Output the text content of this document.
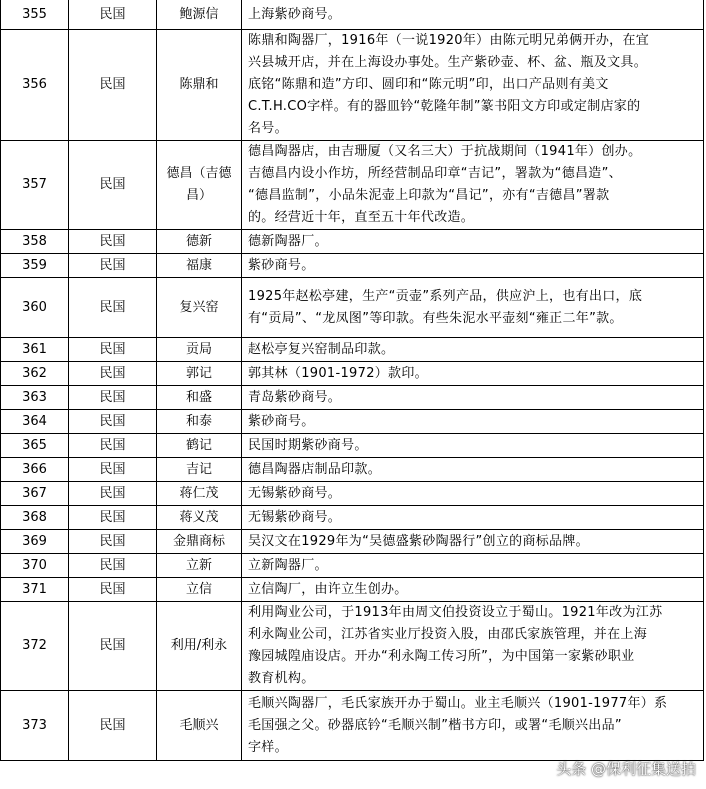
355	民国	鲍源信	上海紫砂商号。

356	民国	陈鼎和	陈鼎和陶器厂，1916年（一说1920年）由陈元明兄弟俩开办，在宜
兴县城开店，并在上海设办事处。生产紫砂壶、杯、盆、瓶及文具。
底铭“陈鼎和造”方印、圆印和“陈元明”印，出口产品则有美文
C.T.H.CO字样。有的器皿钤“乾隆年制”篆书阳文方印或定制店家的
名号。

357	民国	德昌（吉德昌）	德昌陶器店，由吉珊厦（又名三大）于抗战期间（1941年）创办。
吉德昌内设小作坊，所经营制品印章“吉记”，署款为“德昌造”、
“德昌监制”，小品朱泥壶上印款为“昌记”，亦有“吉德昌”署款
的。经营近十年，直至五十年代改造。

358	民国	德新	德新陶器厂。

359	民国	福康	紫砂商号。

360	民国	复兴窑	1925年赵松亭建，生产“贡壶”系列产品，供应沪上，也有出口，底
有“贡局”、“龙凤图”等印款。有些朱泥水平壶刻“雍正二年”款。

361	民国	贡局	赵松亭复兴窑制品印款。

362	民国	郭记	郭其林（1901-1972）款印。

363	民国	和盛	青岛紫砂商号。

364	民国	和泰	紫砂商号。

365	民国	鹤记	民国时期紫砂商号。

366	民国	吉记	德昌陶器店制品印款。

367	民国	蒋仁茂	无锡紫砂商号。

368	民国	蒋义茂	无锡紫砂商号。

369	民国	金鼎商标	吴汉文在1929年为“吴德盛紫砂陶器行”创立的商标品牌。

370	民国	立新	立新陶器厂。

371	民国	立信	立信陶厂，由许立生创办。

372	民国	利用/利永	利用陶业公司，于1913年由周文伯投资设立于蜀山。1921年改为江苏
利永陶业公司，江苏省实业厅投资入股，由邵氏家族管理，并在上海
豫园城隍庙设店。开办“利永陶工传习所”，为中国第一家紫砂职业
教育机构。

373	民国	毛顺兴	毛顺兴陶器厂，毛氏家族开办于蜀山。业主毛顺兴（1901-1977年）系
毛国强之父。砂器底钤“毛顺兴制”楷书方印，或署“毛顺兴出品”
字样。
头条 @保利征集送拍
